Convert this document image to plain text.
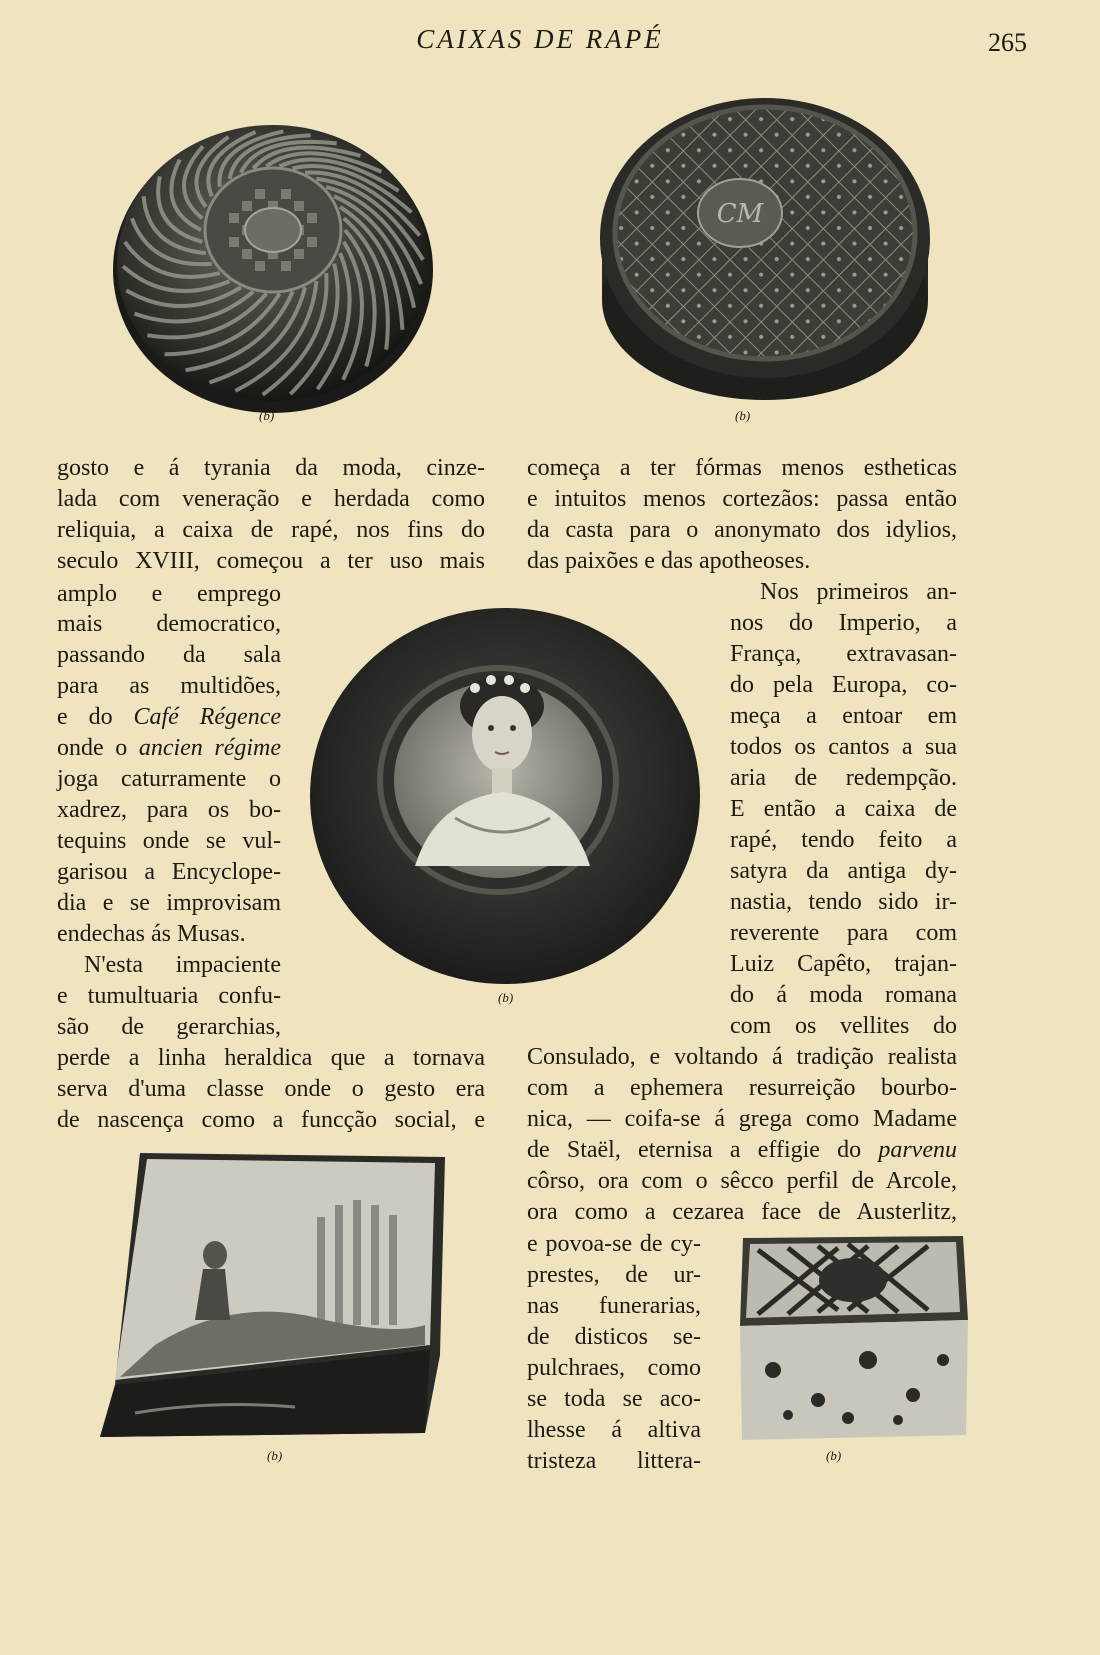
CAIXAS DE RAPÉ	265
(b)
CM
(b)
(b)
(b)	(b)
gosto e á tyrania da moda, cinze-
lada com veneração e herdada como
reliquia, a caixa de rapé, nos fins do
seculo XVIII, começou a ter uso mais
amplo e emprego
mais democratico,
passando da sala
para as multidões,
e do Café Régence
onde o ancien régime
joga caturramente o
xadrez, para os bo-
tequins onde se vul-
garisou a Encyclope-
dia e se improvisam
endechas ás Musas.
N'esta impaciente
e tumultuaria confu-
são de gerarchias,
perde a linha heraldica que a tornava
serva d'uma classe onde o gesto era
de nascença como a funcção social, e
começa a ter fórmas menos estheticas
e intuitos menos cortezãos: passa então
da casta para o anonymato dos idylios,
das paixões e das apotheoses.
Nos primeiros an-
nos do Imperio, a
França, extravasan-
do pela Europa, co-
meça a entoar em
todos os cantos a sua
aria de redempção.
E então a caixa de
rapé, tendo feito a
satyra da antiga dy-
nastia, tendo sido ir-
reverente para com
Luiz Capêto, trajan-
do á moda romana
com os vellites do
Consulado, e voltando á tradição realista
com a ephemera resurreição bourbo-
nica, — coifa-se á grega como Madame
de Staël, eternisa a effigie do parvenu
côrso, ora com o sêcco perfil de Arcole,
ora como a cezarea face de Austerlitz,
e povoa-se de cy-
prestes, de ur-
nas funerarias,
de disticos se-
pulchraes, como
se toda se aco-
lhesse á altiva
tristeza littera-
